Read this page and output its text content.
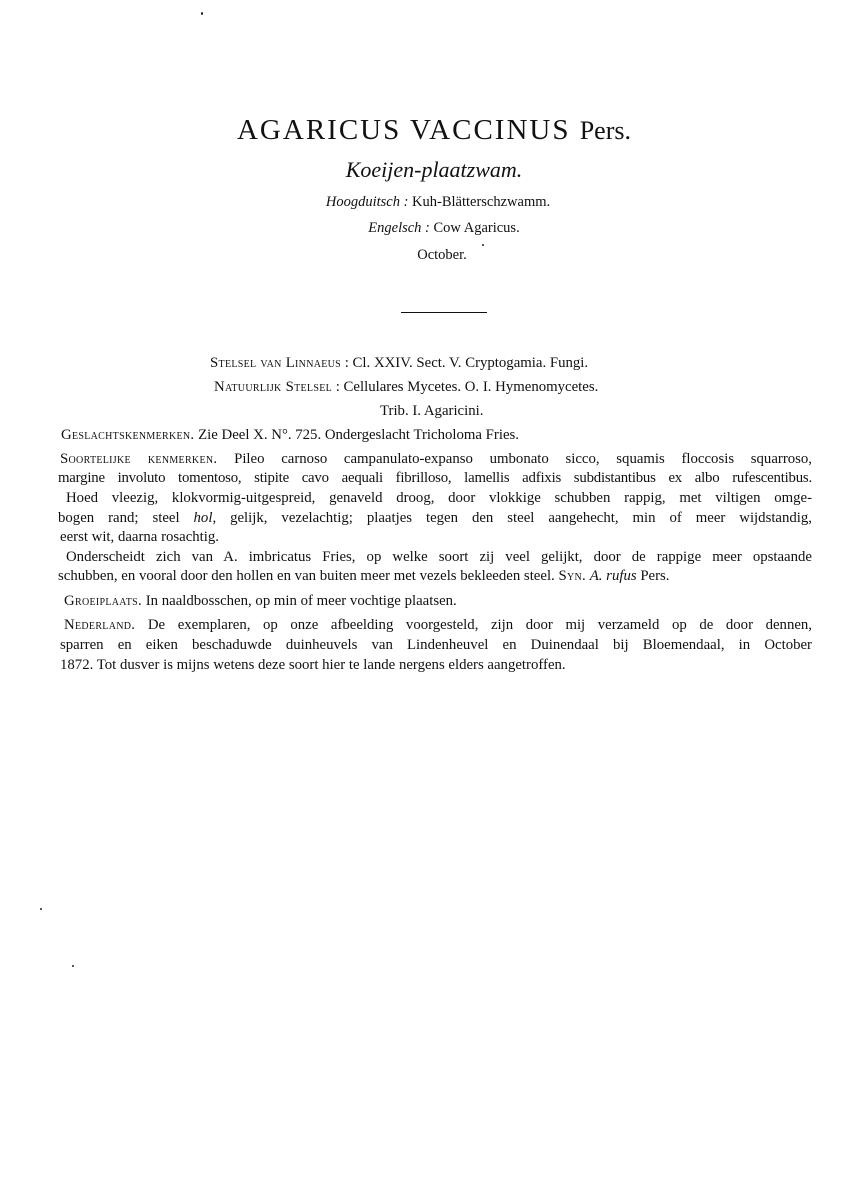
AGARICUS VACCINUS Pers.
Koeijen-plaatzwam.
Hoogduitsch : Kuh-Blätterschzwamm.
Engelsch : Cow Agaricus.
October.
Stelsel van Linnaeus : Cl. XXIV. Sect. V. Cryptogamia. Fungi.
Natuurlijk Stelsel : Cellulares Mycetes. O. I. Hymenomycetes.
Trib. I. Agaricini.
Geslachtskenmerken. Zie Deel X. N°. 725. Ondergeslacht Tricholoma Fries.
Soortelijke kenmerken. Pileo carnoso campanulato-expanso umbonato sicco, squamis floccosis squarroso,
margine involuto tomentoso, stipite cavo aequali fibrilloso, lamellis adfixis subdistantibus ex albo rufescentibus.
Hoed vleezig, klokvormig-uitgespreid, genaveld droog, door vlokkige schubben rappig, met viltigen omge-
bogen rand; steel hol, gelijk, vezelachtig; plaatjes tegen den steel aangehecht, min of meer wijdstandig,
eerst wit, daarna rosachtig.
Onderscheidt zich van A. imbricatus Fries, op welke soort zij veel gelijkt, door de rappige meer opstaande
schubben, en vooral door den hollen en van buiten meer met vezels bekleeden steel. Syn. A. rufus Pers.
Groeiplaats. In naaldbosschen, op min of meer vochtige plaatsen.
Nederland. De exemplaren, op onze afbeelding voorgesteld, zijn door mij verzameld op de door dennen,
sparren en eiken beschaduwde duinheuvels van Lindenheuvel en Duinendaal bij Bloemendaal, in October
1872. Tot dusver is mijns wetens deze soort hier te lande nergens elders aangetroffen.
